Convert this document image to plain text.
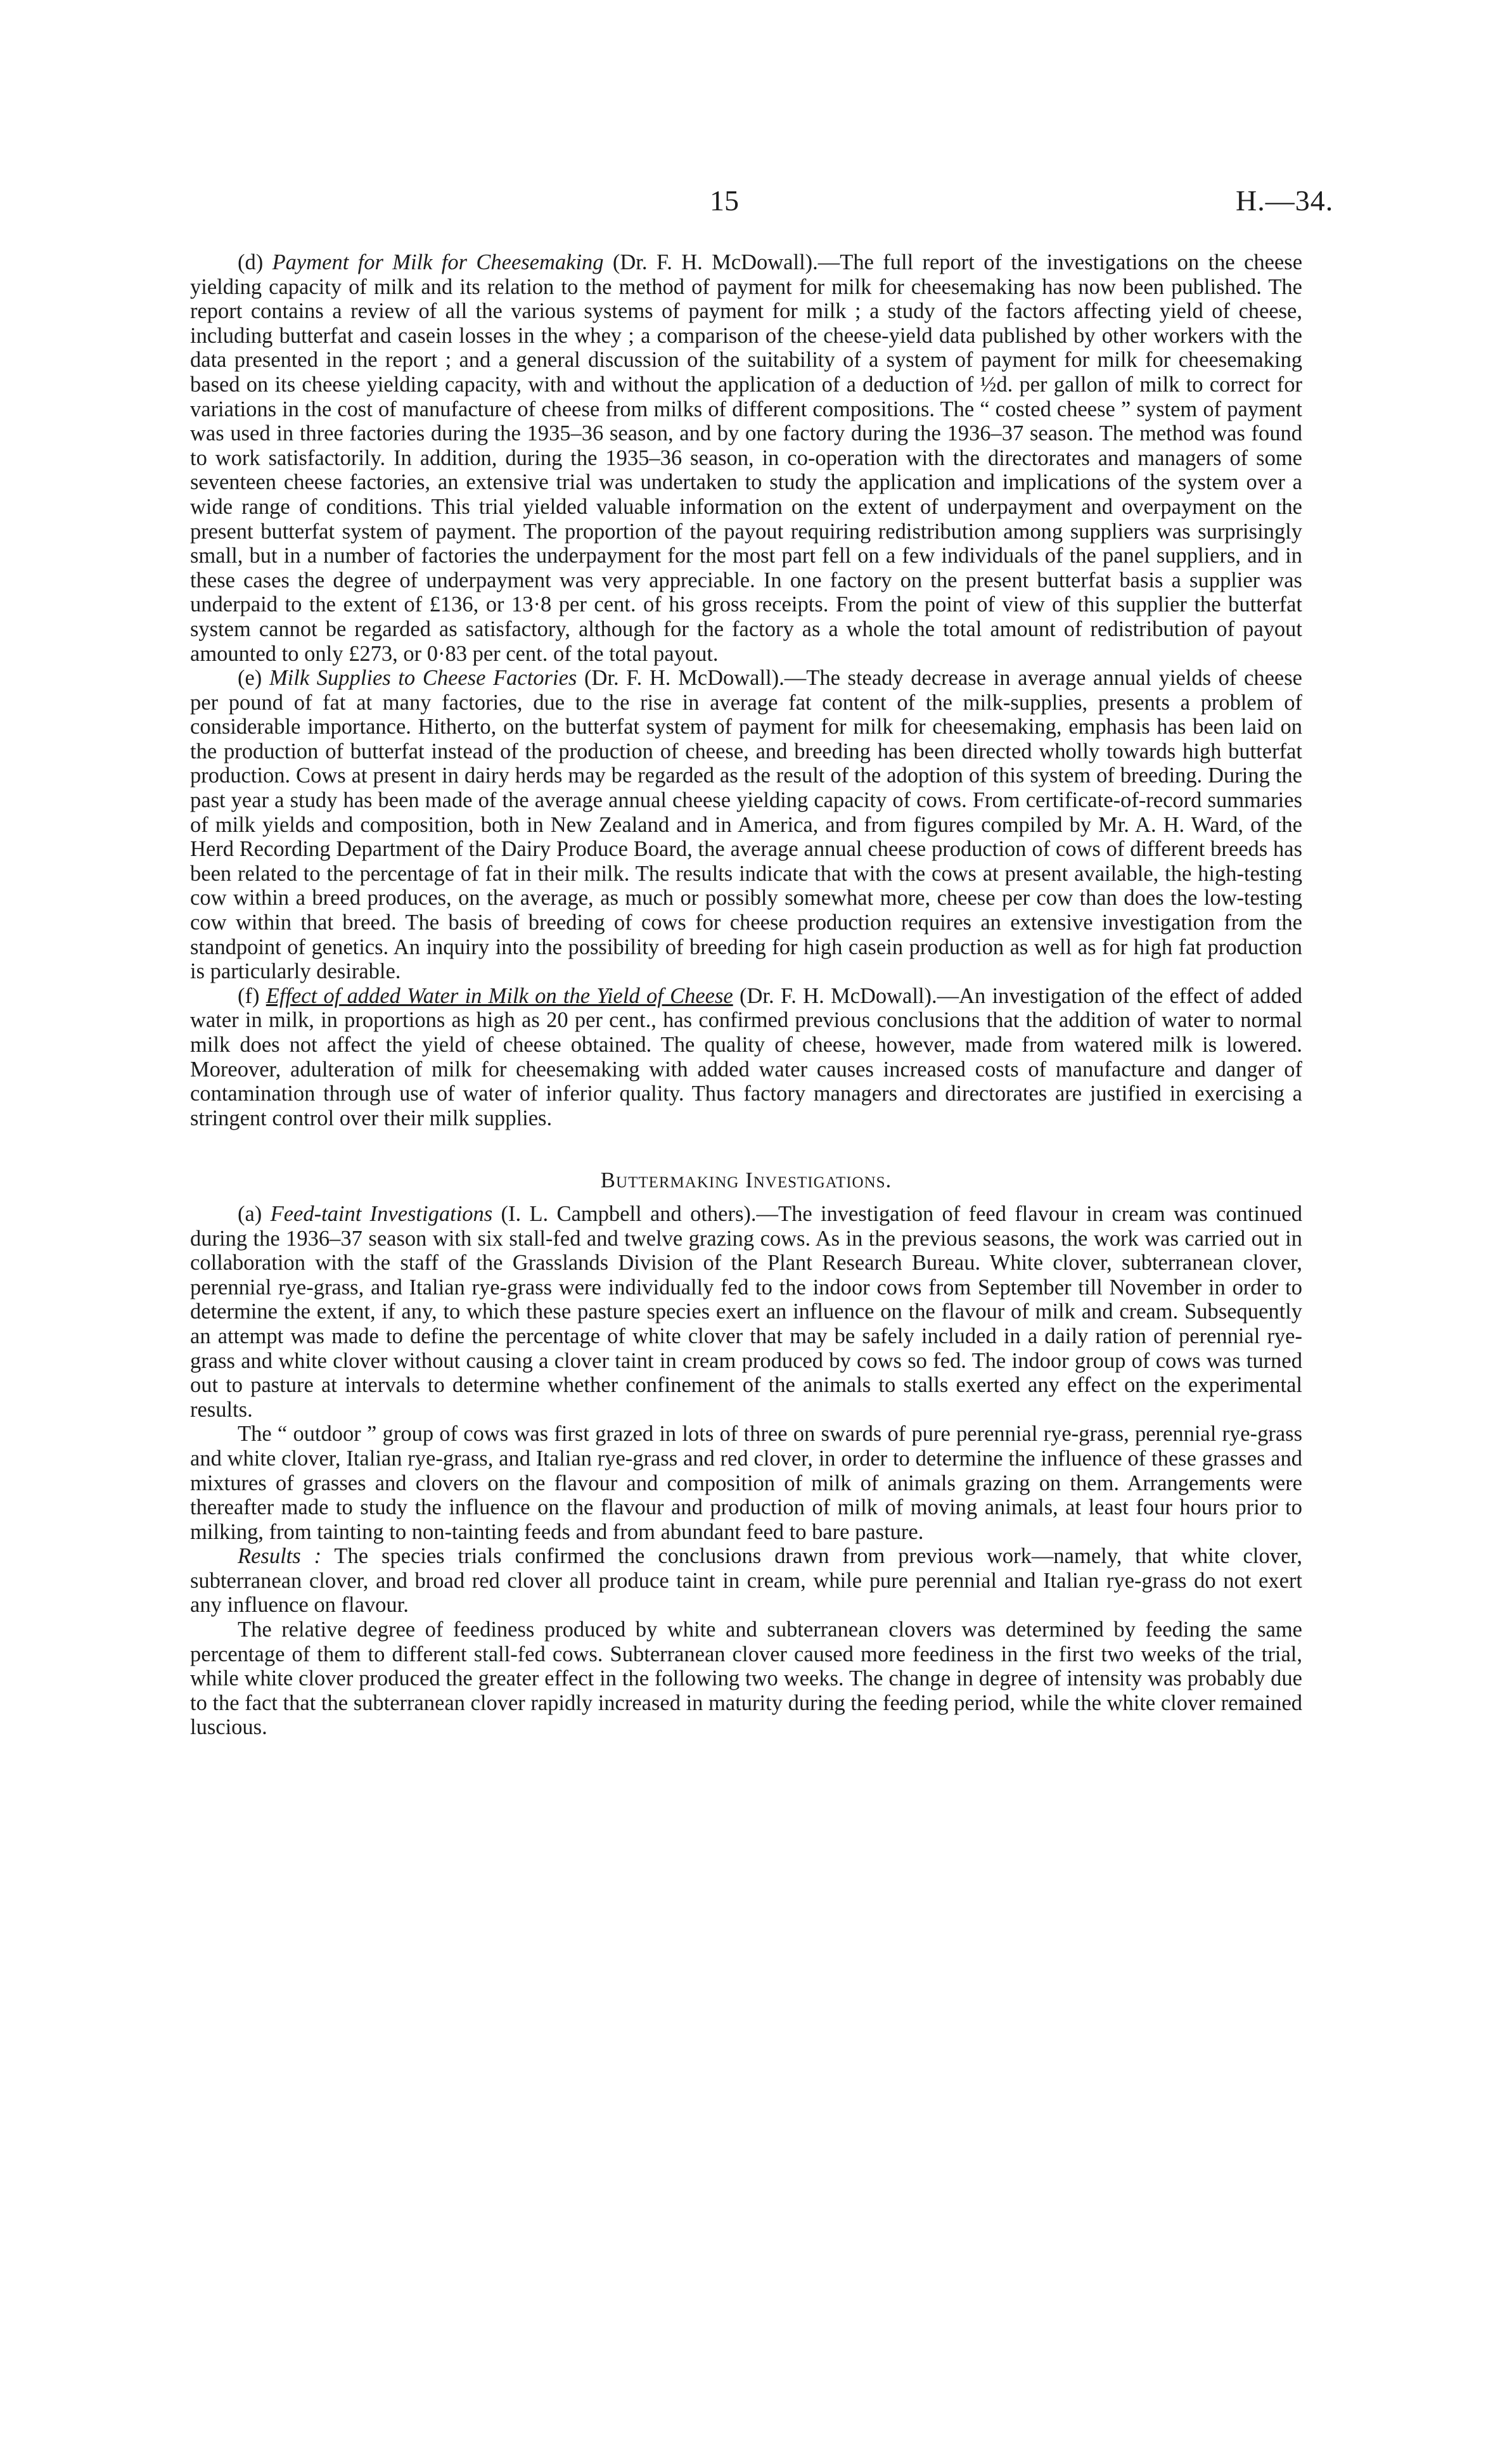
15	H.—34.

(d) Payment for Milk for Cheesemaking (Dr. F. H. McDowall).—The full report of the investigations on the cheese yielding capacity of milk and its relation to the method of payment for milk for cheesemaking has now been published. The report contains a review of all the various systems of payment for milk ; a study of the factors affecting yield of cheese, including butterfat and casein losses in the whey ; a comparison of the cheese-yield data published by other workers with the data presented in the report ; and a general discussion of the suitability of a system of payment for milk for cheesemaking based on its cheese yielding capacity, with and without the application of a deduction of ½d. per gallon of milk to correct for variations in the cost of manufacture of cheese from milks of different compositions. The “ costed cheese ” system of payment was used in three factories during the 1935–36 season, and by one factory during the 1936–37 season. The method was found to work satisfactorily. In addition, during the 1935–36 season, in co-operation with the directorates and managers of some seventeen cheese factories, an extensive trial was undertaken to study the application and implications of the system over a wide range of conditions. This trial yielded valuable information on the extent of underpayment and overpayment on the present butterfat system of payment. The proportion of the payout requiring redistribution among suppliers was surprisingly small, but in a number of factories the underpayment for the most part fell on a few individuals of the panel suppliers, and in these cases the degree of underpayment was very appreciable. In one factory on the present butterfat basis a supplier was underpaid to the extent of £136, or 13·8 per cent. of his gross receipts. From the point of view of this supplier the butterfat system cannot be regarded as satisfactory, although for the factory as a whole the total amount of redistribution of payout amounted to only £273, or 0·83 per cent. of the total payout.

(e) Milk Supplies to Cheese Factories (Dr. F. H. McDowall).—The steady decrease in average annual yields of cheese per pound of fat at many factories, due to the rise in average fat content of the milk-supplies, presents a problem of considerable importance. Hitherto, on the butterfat system of payment for milk for cheesemaking, emphasis has been laid on the production of butterfat instead of the production of cheese, and breeding has been directed wholly towards high butterfat production. Cows at present in dairy herds may be regarded as the result of the adoption of this system of breeding. During the past year a study has been made of the average annual cheese yielding capacity of cows. From certificate-of-record summaries of milk yields and composition, both in New Zealand and in America, and from figures compiled by Mr. A. H. Ward, of the Herd Recording Department of the Dairy Produce Board, the average annual cheese production of cows of different breeds has been related to the percentage of fat in their milk. The results indicate that with the cows at present available, the high-testing cow within a breed produces, on the average, as much or possibly somewhat more, cheese per cow than does the low-testing cow within that breed. The basis of breeding of cows for cheese production requires an extensive investigation from the standpoint of genetics. An inquiry into the possibility of breeding for high casein production as well as for high fat production is particularly desirable.

(f) Effect of added Water in Milk on the Yield of Cheese (Dr. F. H. McDowall).—An investigation of the effect of added water in milk, in proportions as high as 20 per cent., has confirmed previous conclusions that the addition of water to normal milk does not affect the yield of cheese obtained. The quality of cheese, however, made from watered milk is lowered. Moreover, adulteration of milk for cheesemaking with added water causes increased costs of manufacture and danger of contamination through use of water of inferior quality. Thus factory managers and directorates are justified in exercising a stringent control over their milk supplies.

Buttermaking Investigations.

(a) Feed-taint Investigations (I. L. Campbell and others).—The investigation of feed flavour in cream was continued during the 1936–37 season with six stall-fed and twelve grazing cows. As in the previous seasons, the work was carried out in collaboration with the staff of the Grasslands Division of the Plant Research Bureau. White clover, subterranean clover, perennial rye-grass, and Italian rye-grass were individually fed to the indoor cows from September till November in order to determine the extent, if any, to which these pasture species exert an influence on the flavour of milk and cream. Subsequently an attempt was made to define the percentage of white clover that may be safely included in a daily ration of perennial rye-grass and white clover without causing a clover taint in cream produced by cows so fed. The indoor group of cows was turned out to pasture at intervals to determine whether confinement of the animals to stalls exerted any effect on the experimental results.

The “ outdoor ” group of cows was first grazed in lots of three on swards of pure perennial rye-grass, perennial rye-grass and white clover, Italian rye-grass, and Italian rye-grass and red clover, in order to determine the influence of these grasses and mixtures of grasses and clovers on the flavour and composition of milk of animals grazing on them. Arrangements were thereafter made to study the influence on the flavour and production of milk of moving animals, at least four hours prior to milking, from tainting to non-tainting feeds and from abundant feed to bare pasture.

Results : The species trials confirmed the conclusions drawn from previous work—namely, that white clover, subterranean clover, and broad red clover all produce taint in cream, while pure perennial and Italian rye-grass do not exert any influence on flavour.

The relative degree of feediness produced by white and subterranean clovers was determined by feeding the same percentage of them to different stall-fed cows. Subterranean clover caused more feediness in the first two weeks of the trial, while white clover produced the greater effect in the following two weeks. The change in degree of intensity was probably due to the fact that the subterranean clover rapidly increased in maturity during the feeding period, while the white clover remained luscious.
